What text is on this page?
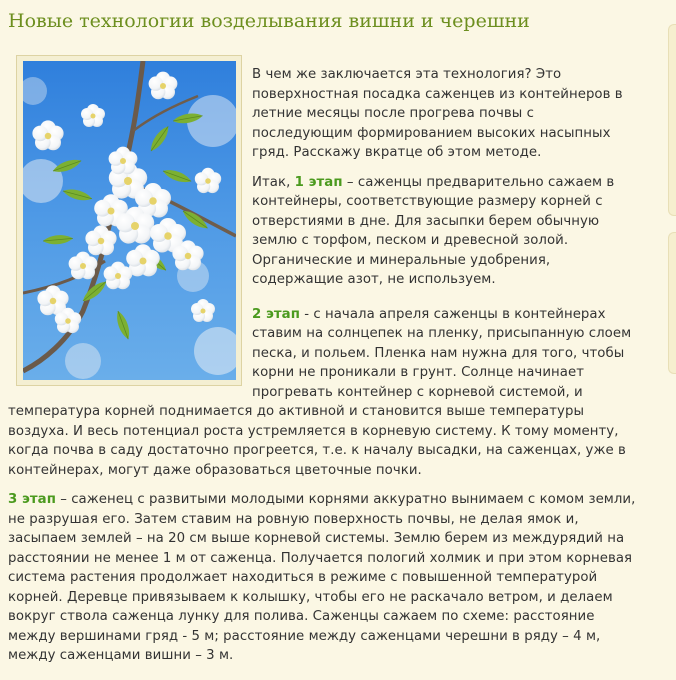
Новые технологии возделывания вишни и черешни

В чем же заключается эта технология? Это поверхностная посадка саженцев из контейнеров в летние месяцы после прогрева почвы с последующим формированием высоких насыпных гряд. Расскажу вкратце об этом методе.

Итак, 1 этап – саженцы предварительно сажаем в контейнеры, соответствующие размеру корней с отверстиями в дне. Для засыпки берем обычную землю с торфом, песком и древесной золой. Органические и минеральные удобрения, содержащие азот, не используем.

2 этап - с начала апреля саженцы в контейнерах ставим на солнцепек на пленку, присыпанную слоем песка, и польем. Пленка нам нужна для того, чтобы корни не проникали в грунт. Солнце начинает прогревать контейнер с корневой системой, и температура корней поднимается до активной и становится выше температуры воздуха. И весь потенциал роста устремляется в корневую систему. К тому моменту, когда почва в саду достаточно прогреется, т.е. к началу высадки, на саженцах, уже в контейнерах, могут даже образоваться цветочные почки.

3 этап – саженец с развитыми молодыми корнями аккуратно вынимаем с комом земли, не разрушая его. Затем ставим на ровную поверхность почвы, не делая ямок и, засыпаем землей – на 20 см выше корневой системы. Землю берем из междурядий на расстоянии не менее 1 м от саженца. Получается пологий холмик и при этом корневая система растения продолжает находиться в режиме с повышенной температурой корней. Деревце привязываем к колышку, чтобы его не раскачало ветром, и делаем вокруг ствола саженца лунку для полива. Саженцы сажаем по схеме: расстояние между вершинами гряд - 5 м; расстояние между саженцами черешни в ряду – 4 м, между саженцами вишни – 3 м.
